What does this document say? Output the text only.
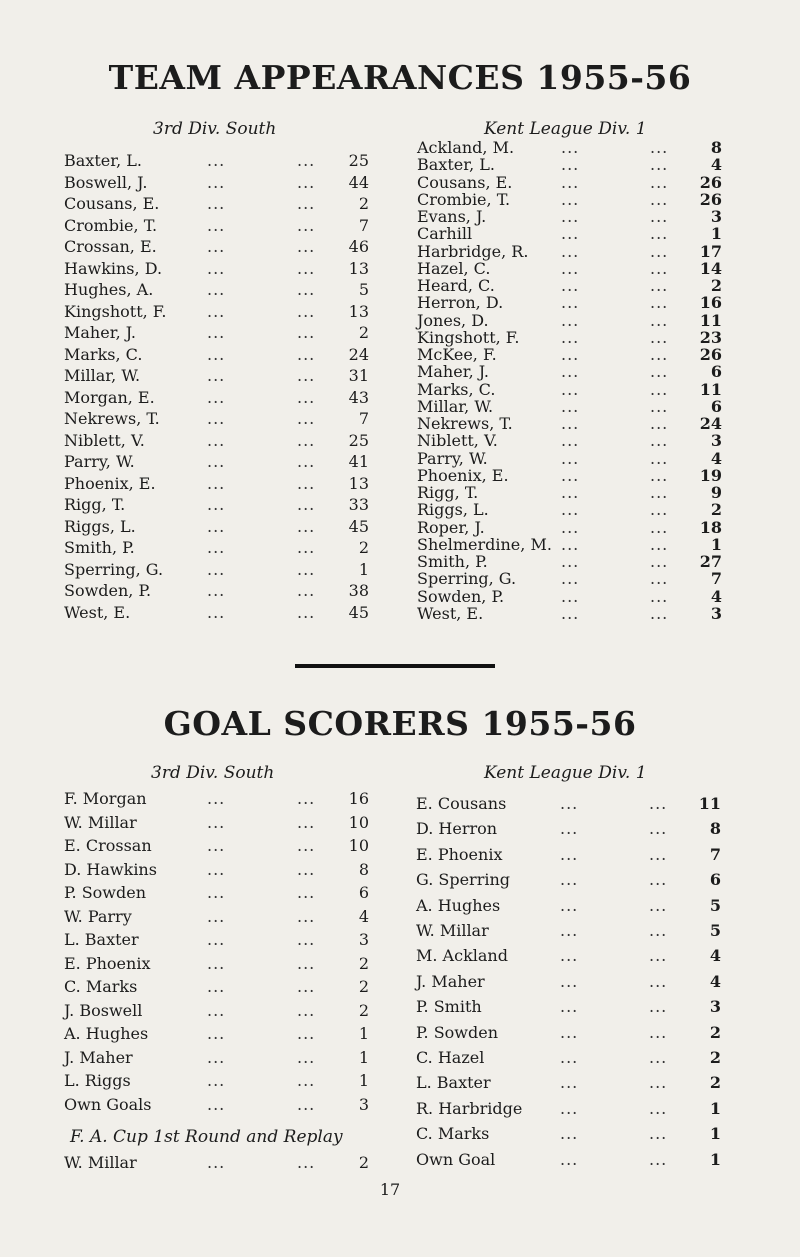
TEAM APPEARANCES 1955-56
3rd Div. South	Kent League Div. 1
Baxter, L.	...	...	25
Boswell, J.	...	...	44
Cousans, E.	...	...	2
Crombie, T.	...	...	7
Crossan, E.	...	...	46
Hawkins, D.	...	...	13
Hughes, A.	...	...	5
Kingshott, F.	...	...	13
Maher, J.	...	...	2
Marks, C.	...	...	24
Millar, W.	...	...	31
Morgan, E.	...	...	43
Nekrews, T.	...	...	7
Niblett, V.	...	...	25
Parry, W.	...	...	41
Phoenix, E.	...	...	13
Rigg, T.	...	...	33
Riggs, L.	...	...	45
Smith, P.	...	...	2
Sperring, G.	...	...	1
Sowden, P.	...	...	38
West, E.	...	...	45
Ackland, M.	...	...	8
Baxter, L.	...	...	4
Cousans, E.	...	...	26
Crombie, T.	...	...	26
Evans, J.	...	...	3
Carhill	...	...	1
Harbridge, R. ...	...	17
Hazel, C.	...	...	14
Heard, C.	...	...	2
Herron, D.	...	...	16
Jones, D.	...	...	11
Kingshott, F.	...	...	23
McKee, F.	...	...	26
Maher, J.	...	...	6
Marks, C.	...	...	11
Millar, W.	...	...	6
Nekrews, T.	...	...	24
Niblett, V.	...	...	3
Parry, W.	...	...	4
Phoenix, E.	...	...	19
Rigg, T.	...	...	9
Riggs, L.	...	...	2
Roper, J.	...	...	18
Shelmerdine, M. ...	...	1
Smith, P.	...	...	27
Sperring, G.	...	...	7
Sowden, P.	...	...	4
West, E.	...	...	3
GOAL SCORERS 1955-56
3rd Div. South	Kent League Div. 1
F. Morgan	...	...	16
W. Millar	...	...	10
E. Crossan	...	...	10
D. Hawkins	...	...	8
P. Sowden	...	...	6
W. Parry	...	...	4
L. Baxter	...	...	3
E. Phoenix	...	...	2
C. Marks	...	...	2
J. Boswell	...	...	2
A. Hughes	...	...	1
J. Maher	...	...	1
L. Riggs	...	...	1
Own Goals	...	...	3
E. Cousans	...	...	11
D. Herron	...	...	8
E. Phoenix	...	...	7
G. Sperring	...	...	6
A. Hughes	...	...	5
W. Millar	...	...	5
M. Ackland	...	...	4
J. Maher	...	...	4
P. Smith	...	...	3
P. Sowden	...	...	2
C. Hazel	...	...	2
L. Baxter	...	...	2
R. Harbridge ...	...	1
C. Marks	...	...	1
Own Goal	...	...	1
F. A. Cup 1st Round and Replay
W. Millar	...	...	2
17
